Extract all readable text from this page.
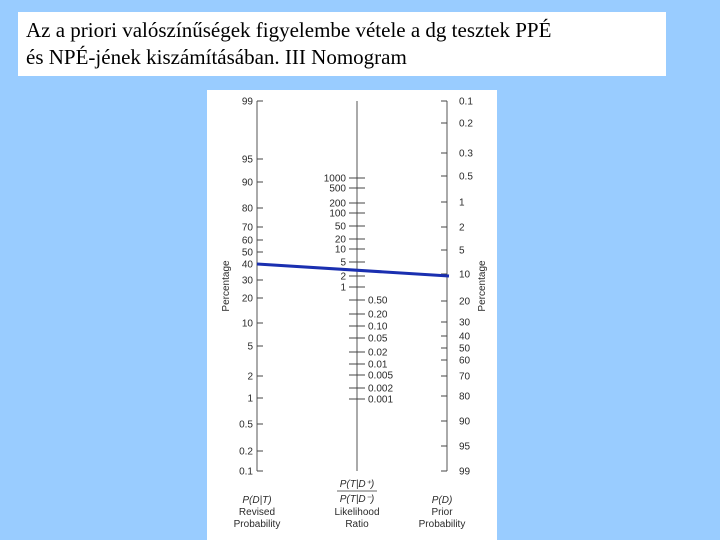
Az a priori valószínűségek figyelembe vétele a dg tesztek PPÉ
és NPÉ-jének kiszámításában. III Nomogram
99
95
90
80
70
60
50
40
30
20
10
5
2
1
0.5
0.2
0.1
Percentage
1000
500
200
100
50
20
10
5
2
1
0.50
0.20
0.10
0.05
0.02
0.01
0.005
0.002
0.001
0.1
0.2
0.3
0.5
1
2
5
10
20
30
40
50
60
70
80
90
95
99
Percentage
P(D|T)
Revised
Probability
P(T|D⁺)
P(T|D⁻)
Likelihood
Ratio
P(D)
Prior
Probability
